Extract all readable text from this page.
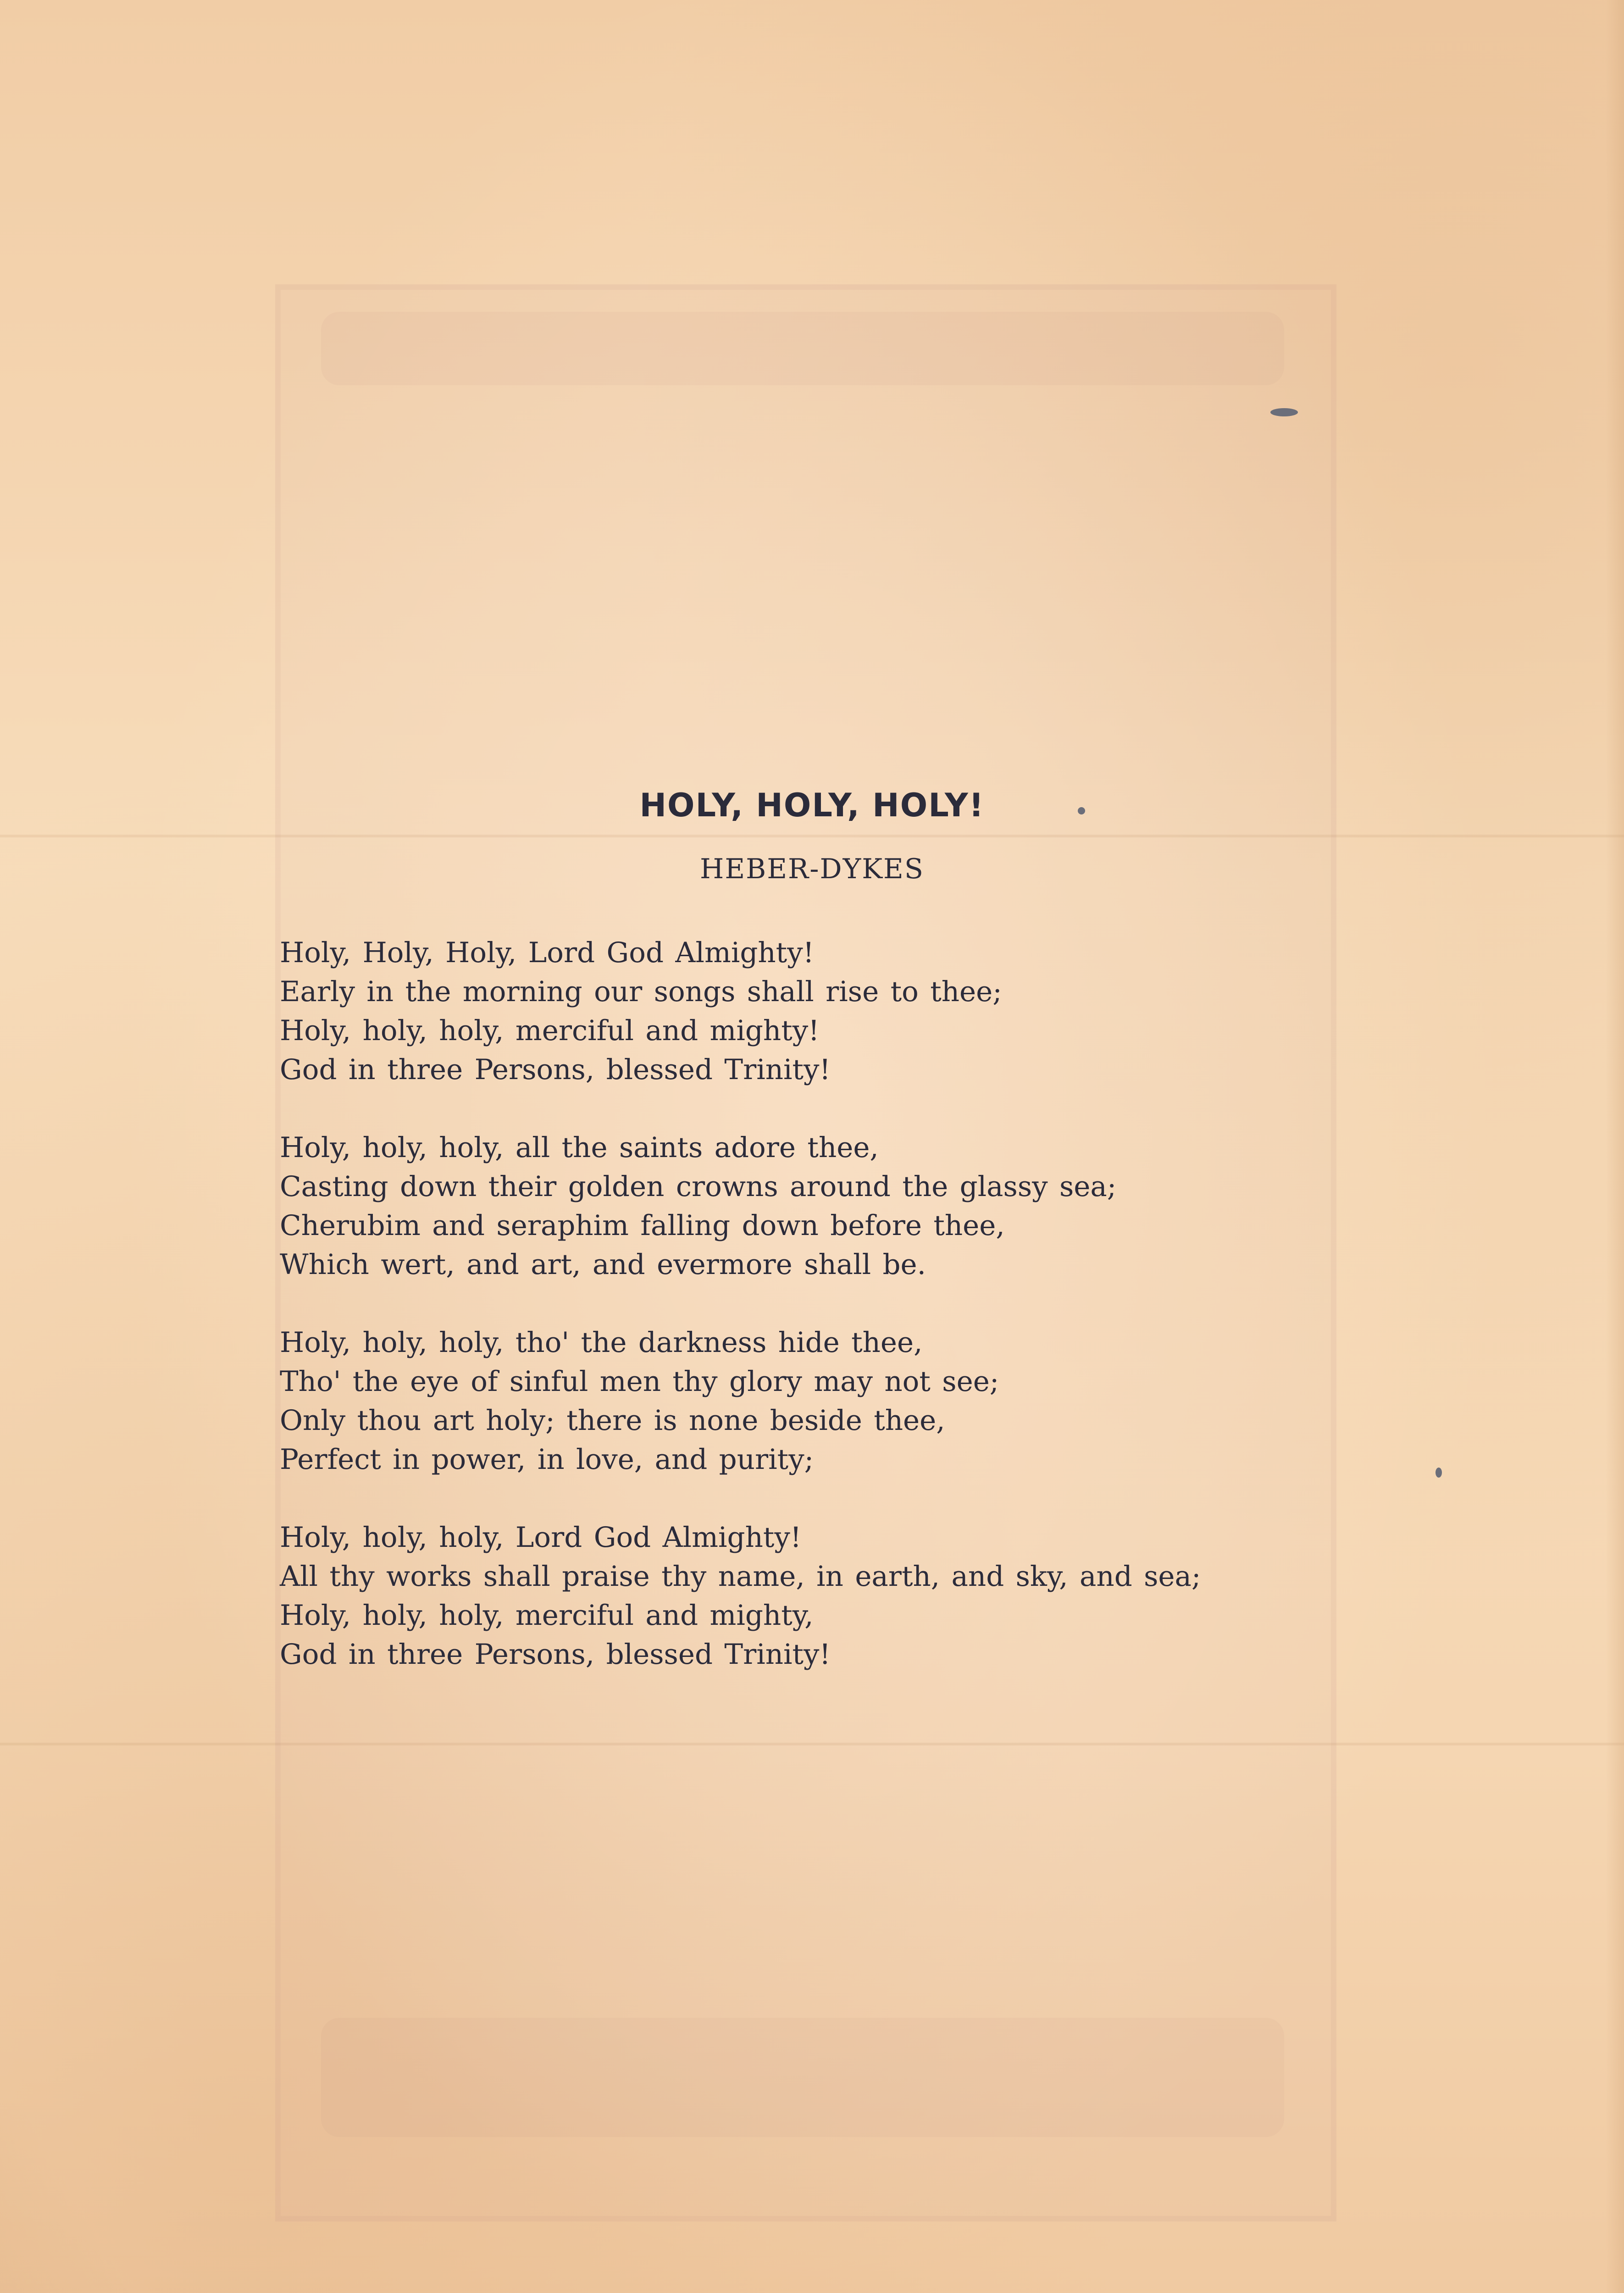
HOLY, HOLY, HOLY!
HEBER-DYKES
Holy, Holy, Holy, Lord God Almighty!
Early in the morning our songs shall rise to thee;
Holy, holy, holy, merciful and mighty!
God in three Persons, blessed Trinity!
Holy, holy, holy, all the saints adore thee,
Casting down their golden crowns around the glassy sea;
Cherubim and seraphim falling down before thee,
Which wert, and art, and evermore shall be.
Holy, holy, holy, tho' the darkness hide thee,
Tho' the eye of sinful men thy glory may not see;
Only thou art holy; there is none beside thee,
Perfect in power, in love, and purity;
Holy, holy, holy, Lord God Almighty!
All thy works shall praise thy name, in earth, and sky, and sea;
Holy, holy, holy, merciful and mighty,
God in three Persons, blessed Trinity!
